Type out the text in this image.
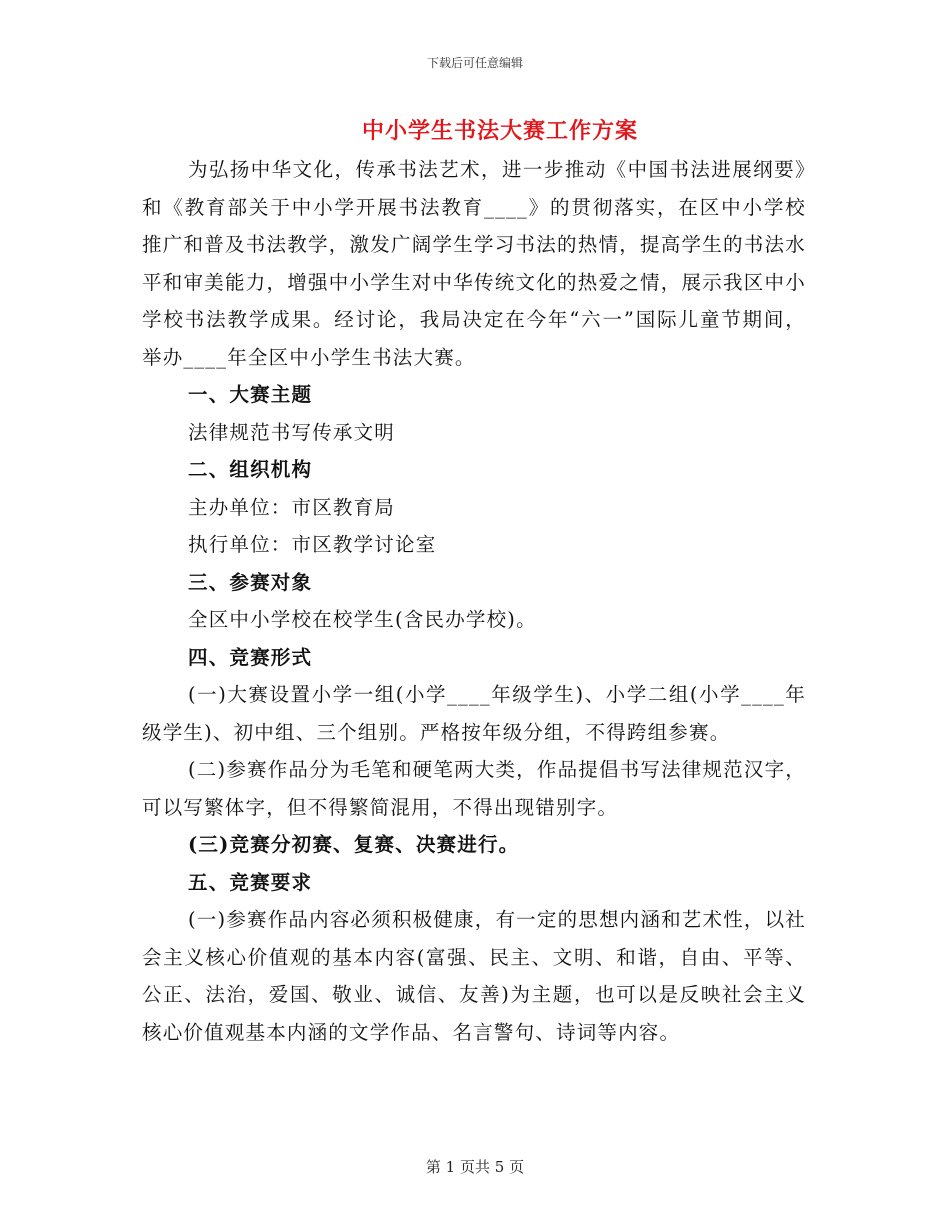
下载后可任意编辑
中小学生书法大赛工作方案

为弘扬中华文化，传承书法艺术，进一步推动《中国书法进展纲要》和《教育部关于中小学开展书法教育____》的贯彻落实，在区中小学校推广和普及书法教学，激发广阔学生学习书法的热情，提高学生的书法水平和审美能力，增强中小学生对中华传统文化的热爱之情，展示我区中小学校书法教学成果。经讨论，我局决定在今年“六一”国际儿童节期间，举办____年全区中小学生书法大赛。

一、大赛主题

法律规范书写传承文明

二、组织机构

主办单位：市区教育局

执行单位：市区教学讨论室

三、参赛对象

全区中小学校在校学生(含民办学校)。

四、竞赛形式

(一)大赛设置小学一组(小学____年级学生)、小学二组(小学____年级学生)、初中组、三个组别。严格按年级分组，不得跨组参赛。

(二)参赛作品分为毛笔和硬笔两大类，作品提倡书写法律规范汉字，可以写繁体字，但不得繁简混用，不得出现错别字。

(三)竞赛分初赛、复赛、决赛进行。

五、竞赛要求

(一)参赛作品内容必须积极健康，有一定的思想内涵和艺术性，以社会主义核心价值观的基本内容(富强、民主、文明、和谐，自由、平等、公正、法治，爱国、敬业、诚信、友善)为主题，也可以是反映社会主义核心价值观基本内涵的文学作品、名言警句、诗词等内容。

第 1 页共 5 页
